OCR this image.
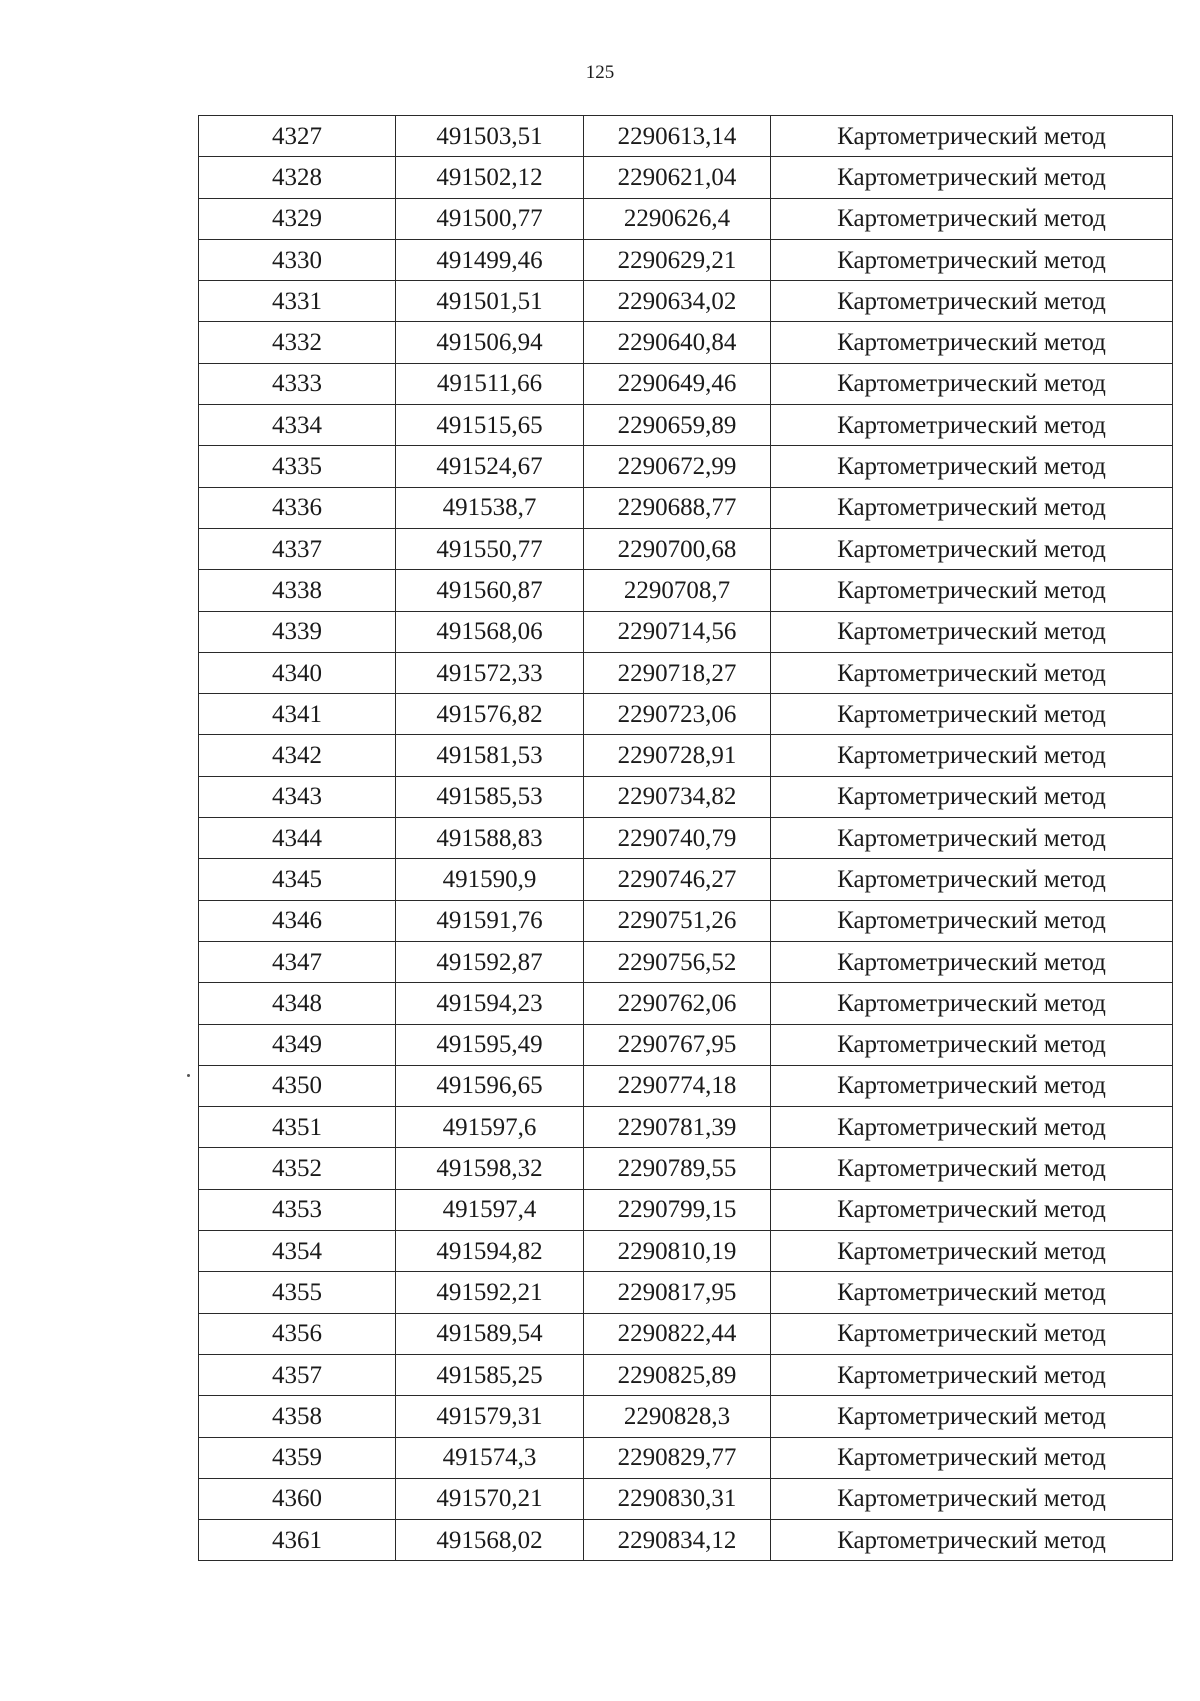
125
4327	491503,51	2290613,14	Картометрический метод
4328	491502,12	2290621,04	Картометрический метод
4329	491500,77	2290626,4	Картометрический метод
4330	491499,46	2290629,21	Картометрический метод
4331	491501,51	2290634,02	Картометрический метод
4332	491506,94	2290640,84	Картометрический метод
4333	491511,66	2290649,46	Картометрический метод
4334	491515,65	2290659,89	Картометрический метод
4335	491524,67	2290672,99	Картометрический метод
4336	491538,7	2290688,77	Картометрический метод
4337	491550,77	2290700,68	Картометрический метод
4338	491560,87	2290708,7	Картометрический метод
4339	491568,06	2290714,56	Картометрический метод
4340	491572,33	2290718,27	Картометрический метод
4341	491576,82	2290723,06	Картометрический метод
4342	491581,53	2290728,91	Картометрический метод
4343	491585,53	2290734,82	Картометрический метод
4344	491588,83	2290740,79	Картометрический метод
4345	491590,9	2290746,27	Картометрический метод
4346	491591,76	2290751,26	Картометрический метод
4347	491592,87	2290756,52	Картометрический метод
4348	491594,23	2290762,06	Картометрический метод
4349	491595,49	2290767,95	Картометрический метод
4350	491596,65	2290774,18	Картометрический метод
4351	491597,6	2290781,39	Картометрический метод
4352	491598,32	2290789,55	Картометрический метод
4353	491597,4	2290799,15	Картометрический метод
4354	491594,82	2290810,19	Картометрический метод
4355	491592,21	2290817,95	Картометрический метод
4356	491589,54	2290822,44	Картометрический метод
4357	491585,25	2290825,89	Картометрический метод
4358	491579,31	2290828,3	Картометрический метод
4359	491574,3	2290829,77	Картометрический метод
4360	491570,21	2290830,31	Картометрический метод
4361	491568,02	2290834,12	Картометрический метод
